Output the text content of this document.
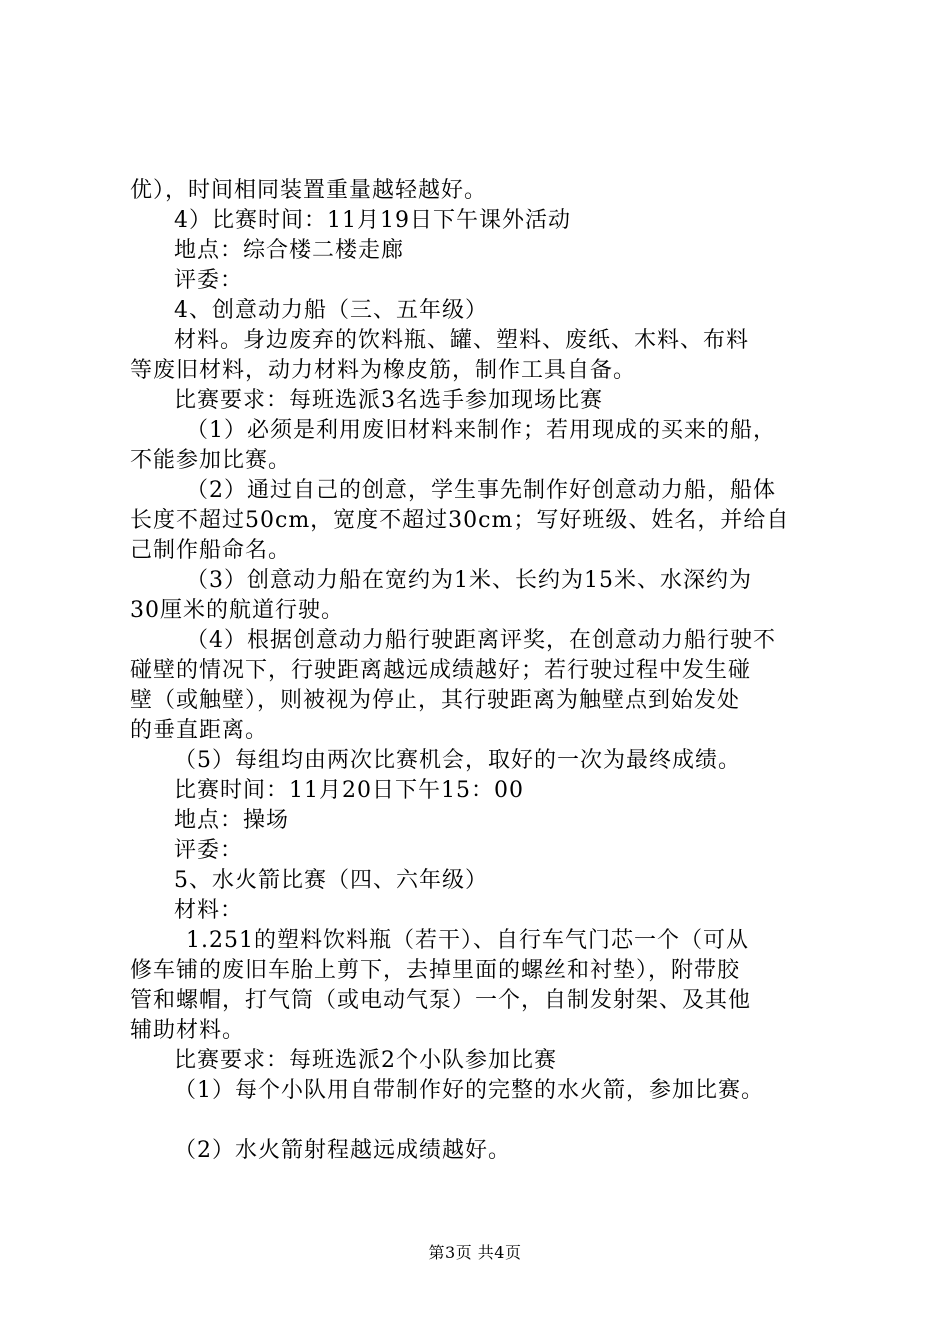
优），时间相同装置重量越轻越好。
4）比赛时间：11月19日下午课外活动
地点：综合楼二楼走廊
评委：
4、创意动力船（三、五年级）
材料。身边废弃的饮料瓶、罐、塑料、废纸、木料、布料
等废旧材料，动力材料为橡皮筋，制作工具自备。
比赛要求：每班选派3名选手参加现场比赛
（1）必须是利用废旧材料来制作；若用现成的买来的船，
不能参加比赛。
（2）通过自己的创意，学生事先制作好创意动力船，船体
长度不超过50cm，宽度不超过30cm；写好班级、姓名，并给自
己制作船命名。
（3）创意动力船在宽约为1米、长约为15米、水深约为
30厘米的航道行驶。
（4）根据创意动力船行驶距离评奖，在创意动力船行驶不
碰壁的情况下，行驶距离越远成绩越好；若行驶过程中发生碰
壁（或触壁），则被视为停止，其行驶距离为触壁点到始发处
的垂直距离。
（5）每组均由两次比赛机会，取好的一次为最终成绩。
比赛时间：11月20日下午15：00
地点：操场
评委：
5、水火箭比赛（四、六年级）
材料：
1.251的塑料饮料瓶（若干）、自行车气门芯一个（可从
修车铺的废旧车胎上剪下，去掉里面的螺丝和衬垫），附带胶
管和螺帽，打气筒（或电动气泵）一个，自制发射架、及其他
辅助材料。
比赛要求：每班选派2个小队参加比赛
（1）每个小队用自带制作好的完整的水火箭，参加比赛。
（2）水火箭射程越远成绩越好。
第3页 共4页
